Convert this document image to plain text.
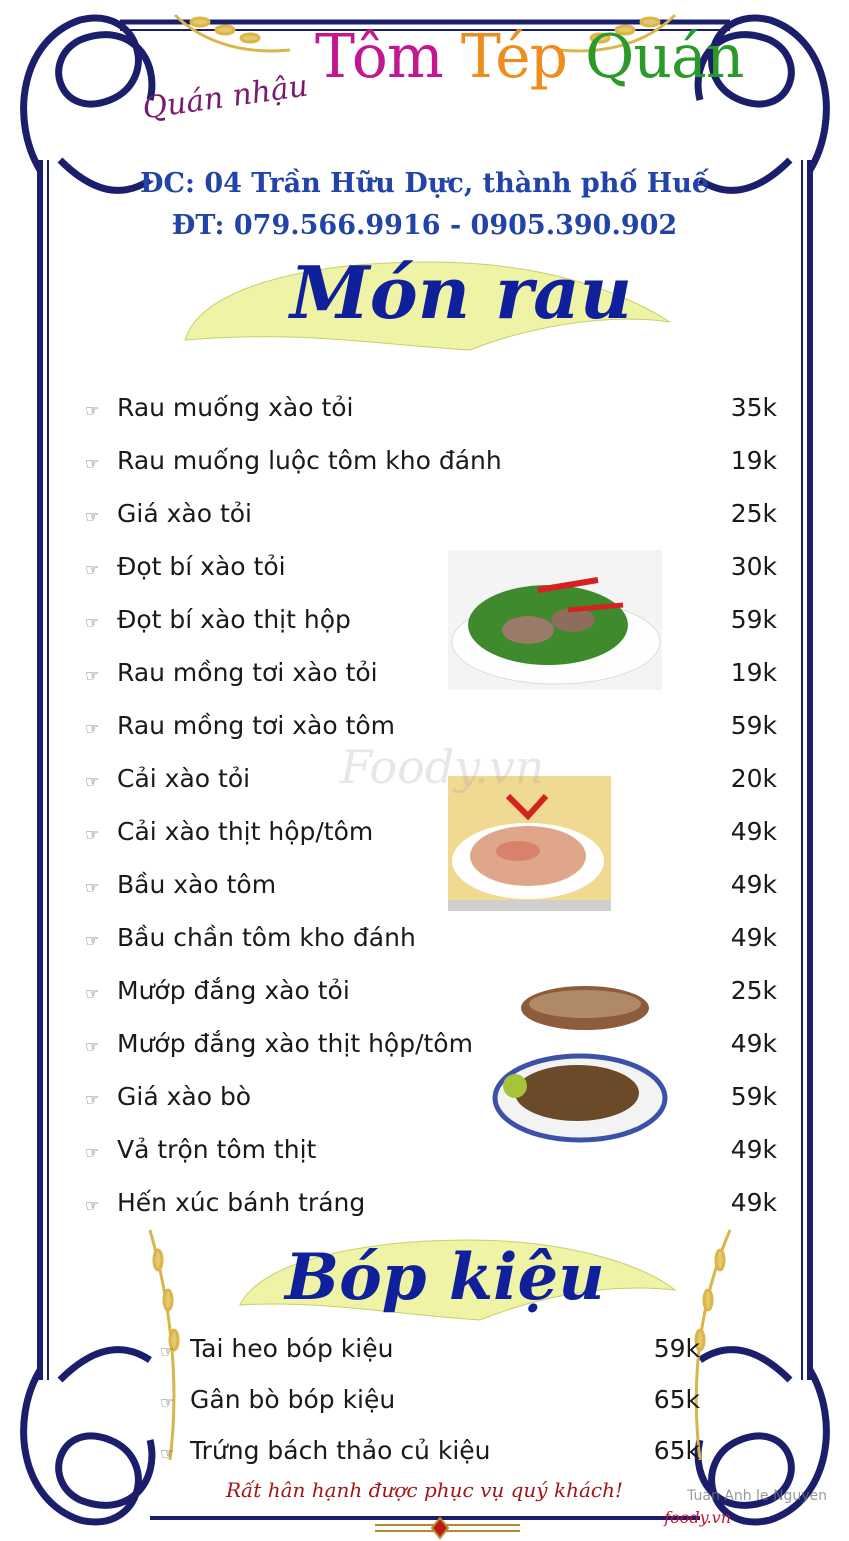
Quán nhậu
Tôm Tép Quán
ĐC: 04 Trần Hữu Dực, thành phố Huế
ĐT: 079.566.9916 - 0905.390.902
Món rau
☞ Rau muống xào tỏi	35k
☞ Rau muống luộc tôm kho đánh	19k
☞ Giá xào tỏi	25k
☞ Đọt bí xào tỏi	30k
☞ Đọt bí xào thịt hộp	59k
☞ Rau mồng tơi xào tỏi	19k
☞ Rau mồng tơi xào tôm	59k
☞ Cải xào tỏi	20k
☞ Cải xào thịt hộp/tôm	49k
☞ Bầu xào tôm	49k
☞ Bầu chần tôm kho đánh	49k
☞ Mướp đắng xào tỏi	25k
☞ Mướp đắng xào thịt hộp/tôm	49k
☞ Giá xào bò	59k
☞ Vả trộn tôm thịt	49k
☞ Hến xúc bánh tráng	49k
Bóp kiệu
☞ Tai heo bóp kiệu	59k
☞ Gân bò bóp kiệu	65k
☞ Trứng bách thảo củ kiệu	65k
Foody.vn
Rất hân hạnh được phục vụ quý khách!	Tuan Anh le Nguyen
foody.vn
